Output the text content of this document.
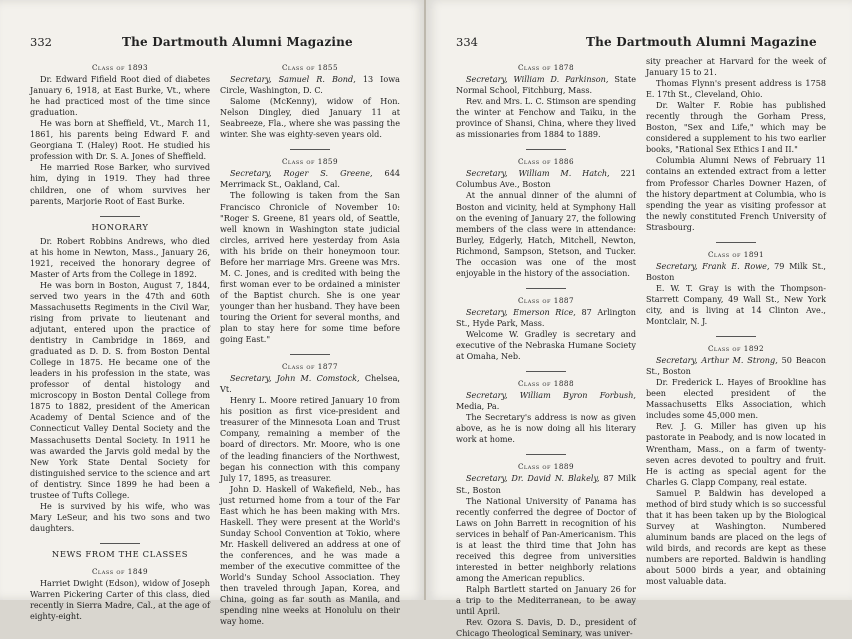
332	The Dartmouth Alumni Magazine
Class of 1893

Dr. Edward Fifield Root died of diabetes January 6, 1918, at East Burke, Vt., where he had practiced most of the time since graduation.

He was born at Sheffield, Vt., March 11, 1861, his parents being Edward F. and Georgiana T. (Haley) Root. He studied his profession with Dr. S. A. Jones of Sheffield.

He married Rose Barker, who survived him, dying in 1919. They had three children, one of whom survives her parents, Marjorie Root of East Burke.

HONORARY

Dr. Robert Robbins Andrews, who died at his home in Newton, Mass., January 26, 1921, received the honorary degree of Master of Arts from the College in 1892.

He was born in Boston, August 7, 1844, served two years in the 47th and 60th Massachusetts Regiments in the Civil War, rising from private to lieutenant and adjutant, entered upon the practice of dentistry in Cambridge in 1869, and graduated as D. D. S. from Boston Dental College in 1875. He became one of the leaders in his profession in the state, was professor of dental histology and microscopy in Boston Dental College from 1875 to 1882, president of the American Academy of Dental Science and of the Connecticut Valley Dental Society and the Massachusetts Dental Society. In 1911 he was awarded the Jarvis gold medal by the New York State Dental Society for distinguished service to the science and art of dentistry. Since 1899 he had been a trustee of Tufts College.

He is survived by his wife, who was Mary LeSeur, and his two sons and two daughters.

NEWS FROM THE CLASSES
Class of 1849

Harriet Dwight (Edson), widow of Joseph Warren Pickering Carter of this class, died recently in Sierra Madre, Cal., at the age of eighty-eight.

Class of 1855

Secretary, Samuel R. Bond, 13 Iowa Circle, Washington, D. C.

Salome (McKenny), widow of Hon. Nelson Dingley, died January 11 at Seabreeze, Fla., where she was passing the winter. She was eighty-seven years old.

Class of 1859

Secretary, Roger S. Greene, 644 Merrimack St., Oakland, Cal.

The following is taken from the San Francisco Chronicle of November 10: "Roger S. Greene, 81 years old, of Seattle, well known in Washington state judicial circles, arrived here yesterday from Asia with his bride on their honeymoon tour. Before her marriage Mrs. Greene was Mrs. M. C. Jones, and is credited with being the first woman ever to be ordained a minister of the Baptist church. She is one year younger than her husband. They have been touring the Orient for several months, and plan to stay here for some time before going East."

Class of 1877

Secretary, John M. Comstock, Chelsea, Vt.

Henry L. Moore retired January 10 from his position as first vice-president and treasurer of the Minnesota Loan and Trust Company, remaining a member of the board of directors. Mr. Moore, who is one of the leading financiers of the Northwest, began his connection with this company July 17, 1895, as treasurer.

John D. Haskell of Wakefield, Neb., has just returned home from a tour of the Far East which he has been making with Mrs. Haskell. They were present at the World's Sunday School Convention at Tokio, where Mr. Haskell delivered an address at one of the conferences, and he was made a member of the executive committee of the World's Sunday School Association. They then traveled through Japan, Korea, and China, going as far south as Manila, and spending nine weeks at Honolulu on their way home.

334	The Dartmouth Alumni Magazine
Class of 1878

Secretary, William D. Parkinson, State Normal School, Fitchburg, Mass.

Rev. and Mrs. L. C. Stimson are spending the winter at Fenchow and Taiku, in the province of Shansi, China, where they lived as missionaries from 1884 to 1889.

Class of 1886

Secretary, William M. Hatch, 221 Columbus Ave., Boston

At the annual dinner of the alumni of Boston and vicinity, held at Symphony Hall on the evening of January 27, the following members of the class were in attendance: Burley, Edgerly, Hatch, Mitchell, Newton, Richmond, Sampson, Stetson, and Tucker. The occasion was one of the most enjoyable in the history of the association.

Class of 1887

Secretary, Emerson Rice, 87 Arlington St., Hyde Park, Mass.

Welcome W. Gradley is secretary and executive of the Nebraska Humane Society at Omaha, Neb.

Class of 1888

Secretary, William Byron Forbush, Media, Pa.

The Secretary's address is now as given above, as he is now doing all his literary work at home.

Class of 1889

Secretary, Dr. David N. Blakely, 87 Milk St., Boston

The National University of Panama has recently conferred the degree of Doctor of Laws on John Barrett in recognition of his services in behalf of Pan-Americanism. This is at least the third time that John has received this degree from universities interested in better neighborly relations among the American republics.

Ralph Bartlett started on January 26 for a trip to the Mediterranean, to be away until April.

Rev. Ozora S. Davis, D. D., president of Chicago Theological Seminary, was univer-

sity preacher at Harvard for the week of January 15 to 21.

Thomas Flynn's present address is 1758 E. 17th St., Cleveland, Ohio.

Dr. Walter F. Robie has published recently through the Gorham Press, Boston, "Sex and Life," which may be considered a supplement to his two earlier books, "Rational Sex Ethics I and II."

Columbia Alumni News of February 11 contains an extended extract from a letter from Professor Charles Downer Hazen, of the history department at Columbia, who is spending the year as visiting professor at the newly constituted French University of Strasbourg.

Class of 1891

Secretary, Frank E. Rowe, 79 Milk St., Boston

E. W. T. Gray is with the Thompson-Starrett Company, 49 Wall St., New York city, and is living at 14 Clinton Ave., Montclair, N. J.

Class of 1892

Secretary, Arthur M. Strong, 50 Beacon St., Boston

Dr. Frederick L. Hayes of Brookline has been elected president of the Massachusetts Elks Association, which includes some 45,000 men.

Rev. J. G. Miller has given up his pastorate in Peabody, and is now located in Wrentham, Mass., on a farm of twenty-seven acres devoted to poultry and fruit. He is acting as special agent for the Charles G. Clapp Company, real estate.

Samuel P. Baldwin has developed a method of bird study which is so successful that it has been taken up by the Biological Survey at Washington. Numbered aluminum bands are placed on the legs of wild birds, and records are kept as these numbers are reported. Baldwin is handling about 5000 birds a year, and obtaining most valuable data.
